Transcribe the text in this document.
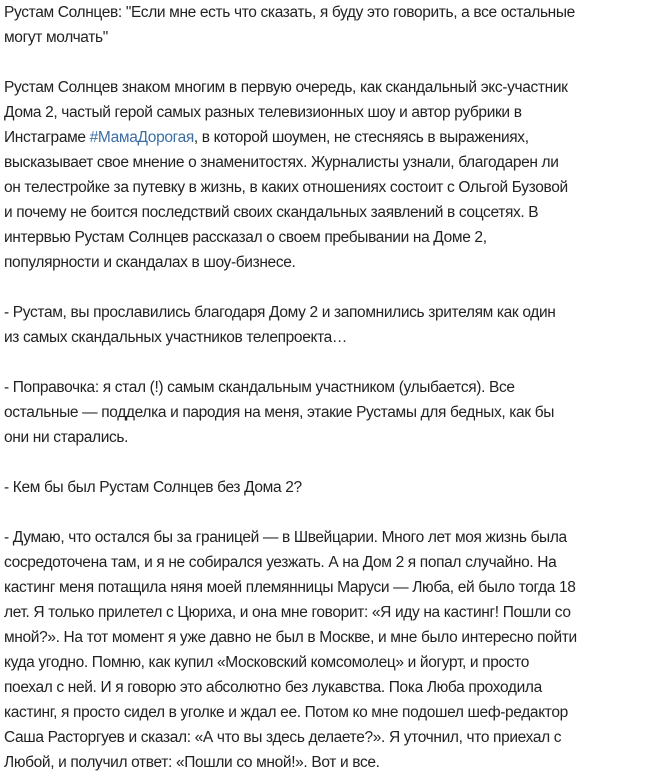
Рустам Солнцев: "Если мне есть что сказать, я буду это говорить, а все остальные
могут молчать"
Рустам Солнцев знаком многим в первую очередь, как скандальный экс-участник
Дома 2, частый герой самых разных телевизионных шоу и автор рубрики в
Инстаграме #МамаДорогая, в которой шоумен, не стесняясь в выражениях,
высказывает свое мнение о знаменитостях. Журналисты узнали, благодарен ли
он телестройке за путевку в жизнь, в каких отношениях состоит с Ольгой Бузовой
и почему не боится последствий своих скандальных заявлений в соцсетях. В
интервью Рустам Солнцев рассказал о своем пребывании на Доме 2,
популярности и скандалах в шоу-бизнесе.
- Рустам, вы прославились благодаря Дому 2 и запомнились зрителям как один
из самых скандальных участников телепроекта…
- Поправочка: я стал (!) самым скандальным участником (улыбается). Все
остальные — подделка и пародия на меня, этакие Рустамы для бедных, как бы
они ни старались.
- Кем бы был Рустам Солнцев без Дома 2?
- Думаю, что остался бы за границей — в Швейцарии. Много лет моя жизнь была
сосредоточена там, и я не собирался уезжать. А на Дом 2 я попал случайно. На
кастинг меня потащила няня моей племянницы Маруси — Люба, ей было тогда 18
лет. Я только прилетел с Цюриха, и она мне говорит: «Я иду на кастинг! Пошли со
мной?». На тот момент я уже давно не был в Москве, и мне было интересно пойти
куда угодно. Помню, как купил «Московский комсомолец» и йогурт, и просто
поехал с ней. И я говорю это абсолютно без лукавства. Пока Люба проходила
кастинг, я просто сидел в уголке и ждал ее. Потом ко мне подошел шеф-редактор
Саша Расторгуев и сказал: «А что вы здесь делаете?». Я уточнил, что приехал с
Любой, и получил ответ: «Пошли со мной!». Вот и все.
